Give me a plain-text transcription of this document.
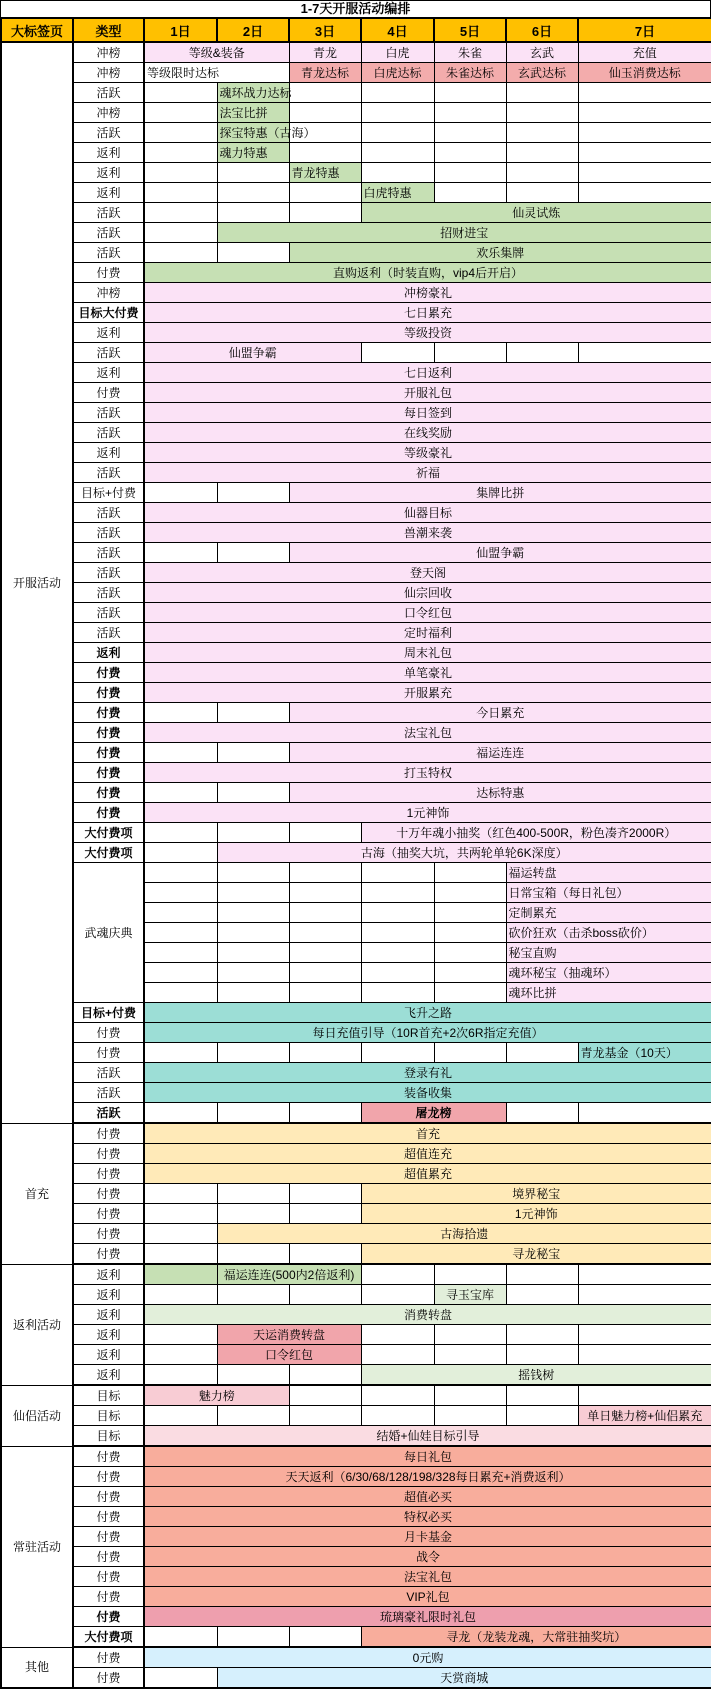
1-7天开服活动编排
大标签页	类型	1日	2日	3日	4日	5日	6日	7日
开服活动	冲榜	等级&装备		青龙	白虎	朱雀	玄武	充值
	冲榜	等级限时达标		青龙达标	白虎达标	朱雀达标	玄武达标	仙玉消费达标
	活跃		魂环战力达标					
	冲榜		法宝比拼					
	活跃		探宝特惠（古海）					
	返利		魂力特惠					
	返利			青龙特惠				
	返利				白虎特惠			
	活跃				仙灵试炼			
	活跃		招财进宝					
	活跃			欢乐集牌				
	付费	直购返利（时装直购，vip4后开启）						
	冲榜	冲榜豪礼						
	目标大付费	七日累充						
	返利	等级投资						
	活跃	仙盟争霸						
	返利	七日返利						
	付费	开服礼包						
	活跃	每日签到						
	活跃	在线奖励						
	返利	等级豪礼						
	活跃	祈福						
	目标+付费			集牌比拼				
	活跃	仙器目标						
	活跃	兽潮来袭						
	活跃			仙盟争霸				
	活跃	登天阁						
	活跃	仙宗回收						
	活跃	口令红包						
	活跃	定时福利						
	返利	周末礼包						
	付费	单笔豪礼						
	付费	开服累充						
	付费			今日累充				
	付费	法宝礼包						
	付费			福运连连				
	付费	打玉特权						
	付费			达标特惠				
	付费	1元神饰						
	大付费项				十万年魂小抽奖（红色400-500R，粉色凑齐2000R）			
	大付费项		古海（抽奖大坑，共两轮单轮6K深度）					
	武魂庆典						福运转盘	
							日常宝箱（每日礼包）	
							定制累充	
							砍价狂欢（击杀boss砍价）	
							秘宝直购	
							魂环秘宝（抽魂环）	
							魂环比拼	
	目标+付费	飞升之路						
	付费	每日充值引导（10R首充+2次6R指定充值）						
	付费							青龙基金（10天）
	活跃	登录有礼						
	活跃	装备收集						
	活跃				屠龙榜			
首充	付费	首充						
	付费	超值连充						
	付费	超值累充						
	付费				境界秘宝			
	付费				1元神饰			
	付费		古海拾遗					
	付费				寻龙秘宝			
返利活动	返利		福运连连(500内2倍返利)					
	返利					寻玉宝库		
	返利	消费转盘						
	返利		天运消费转盘					
	返利		口令红包					
	返利				摇钱树			
仙侣活动	目标	魅力榜						
	目标							单日魅力榜+仙侣累充
	目标	结婚+仙娃目标引导						
常驻活动	付费	每日礼包						
	付费	天天返利（6/30/68/128/198/328每日累充+消费返利）						
	付费	超值必买						
	付费	特权必买						
	付费	月卡基金						
	付费	战令						
	付费	法宝礼包						
	付费	VIP礼包						
	付费	琉璃豪礼限时礼包						
	大付费项				寻龙（龙装龙魂，大常驻抽奖坑）			
其他	付费	0元购						
	付费		天赏商城					
